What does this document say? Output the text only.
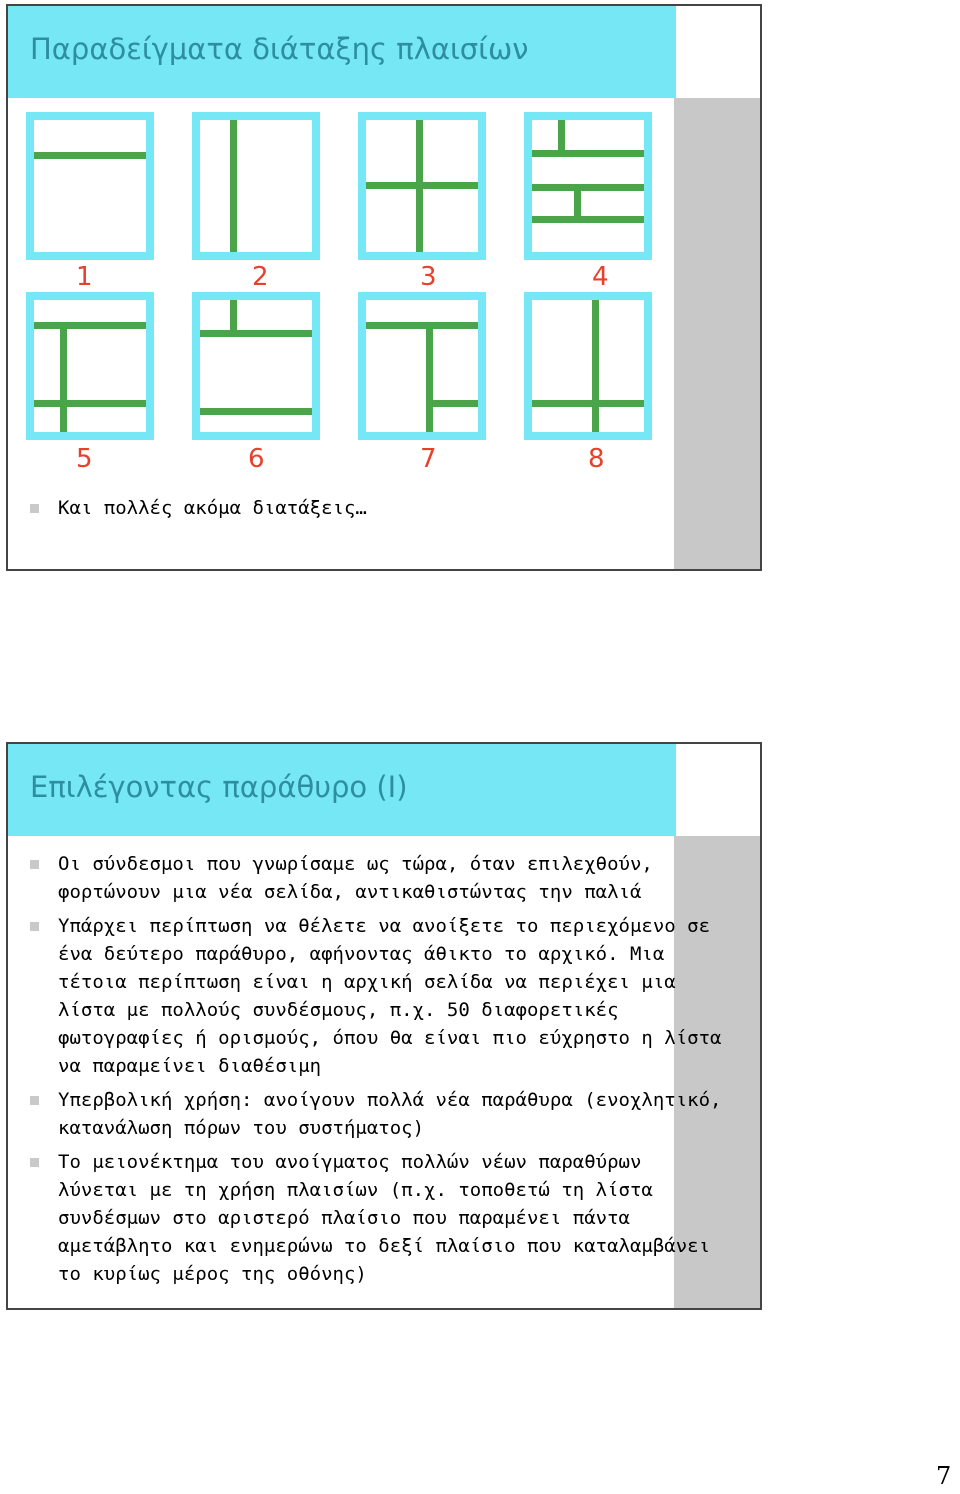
Παραδείγματα διάταξης πλαισίων
1	2	3	4
5	6	7	8
Και πολλές ακόμα διατάξεις…
Επιλέγοντας παράθυρο (Ι)
Οι σύνδεσμοι που γνωρίσαμε ως τώρα, όταν επιλεχθούν, φορτώνουν μια νέα σελίδα, αντικαθιστώντας την παλιά
Υπάρχει περίπτωση να θέλετε να ανοίξετε το περιεχόμενο σε ένα δεύτερο παράθυρο, αφήνοντας άθικτο το αρχικό. Μια τέτοια περίπτωση είναι η αρχική σελίδα να περιέχει μια λίστα με πολλούς συνδέσμους, π.χ. 50 διαφορετικές φωτογραφίες ή ορισμούς, όπου θα είναι πιο εύχρηστο η λίστα να παραμείνει διαθέσιμη
Υπερβολική χρήση: ανοίγουν πολλά νέα παράθυρα (ενοχλητικό, κατανάλωση πόρων του συστήματος)
Το μειονέκτημα του ανοίγματος πολλών νέων παραθύρων λύνεται με τη χρήση πλαισίων (π.χ. τοποθετώ τη λίστα συνδέσμων στο αριστερό πλαίσιο που παραμένει πάντα αμετάβλητο και ενημερώνω το δεξί πλαίσιο που καταλαμβάνει το κυρίως μέρος της οθόνης)
7
